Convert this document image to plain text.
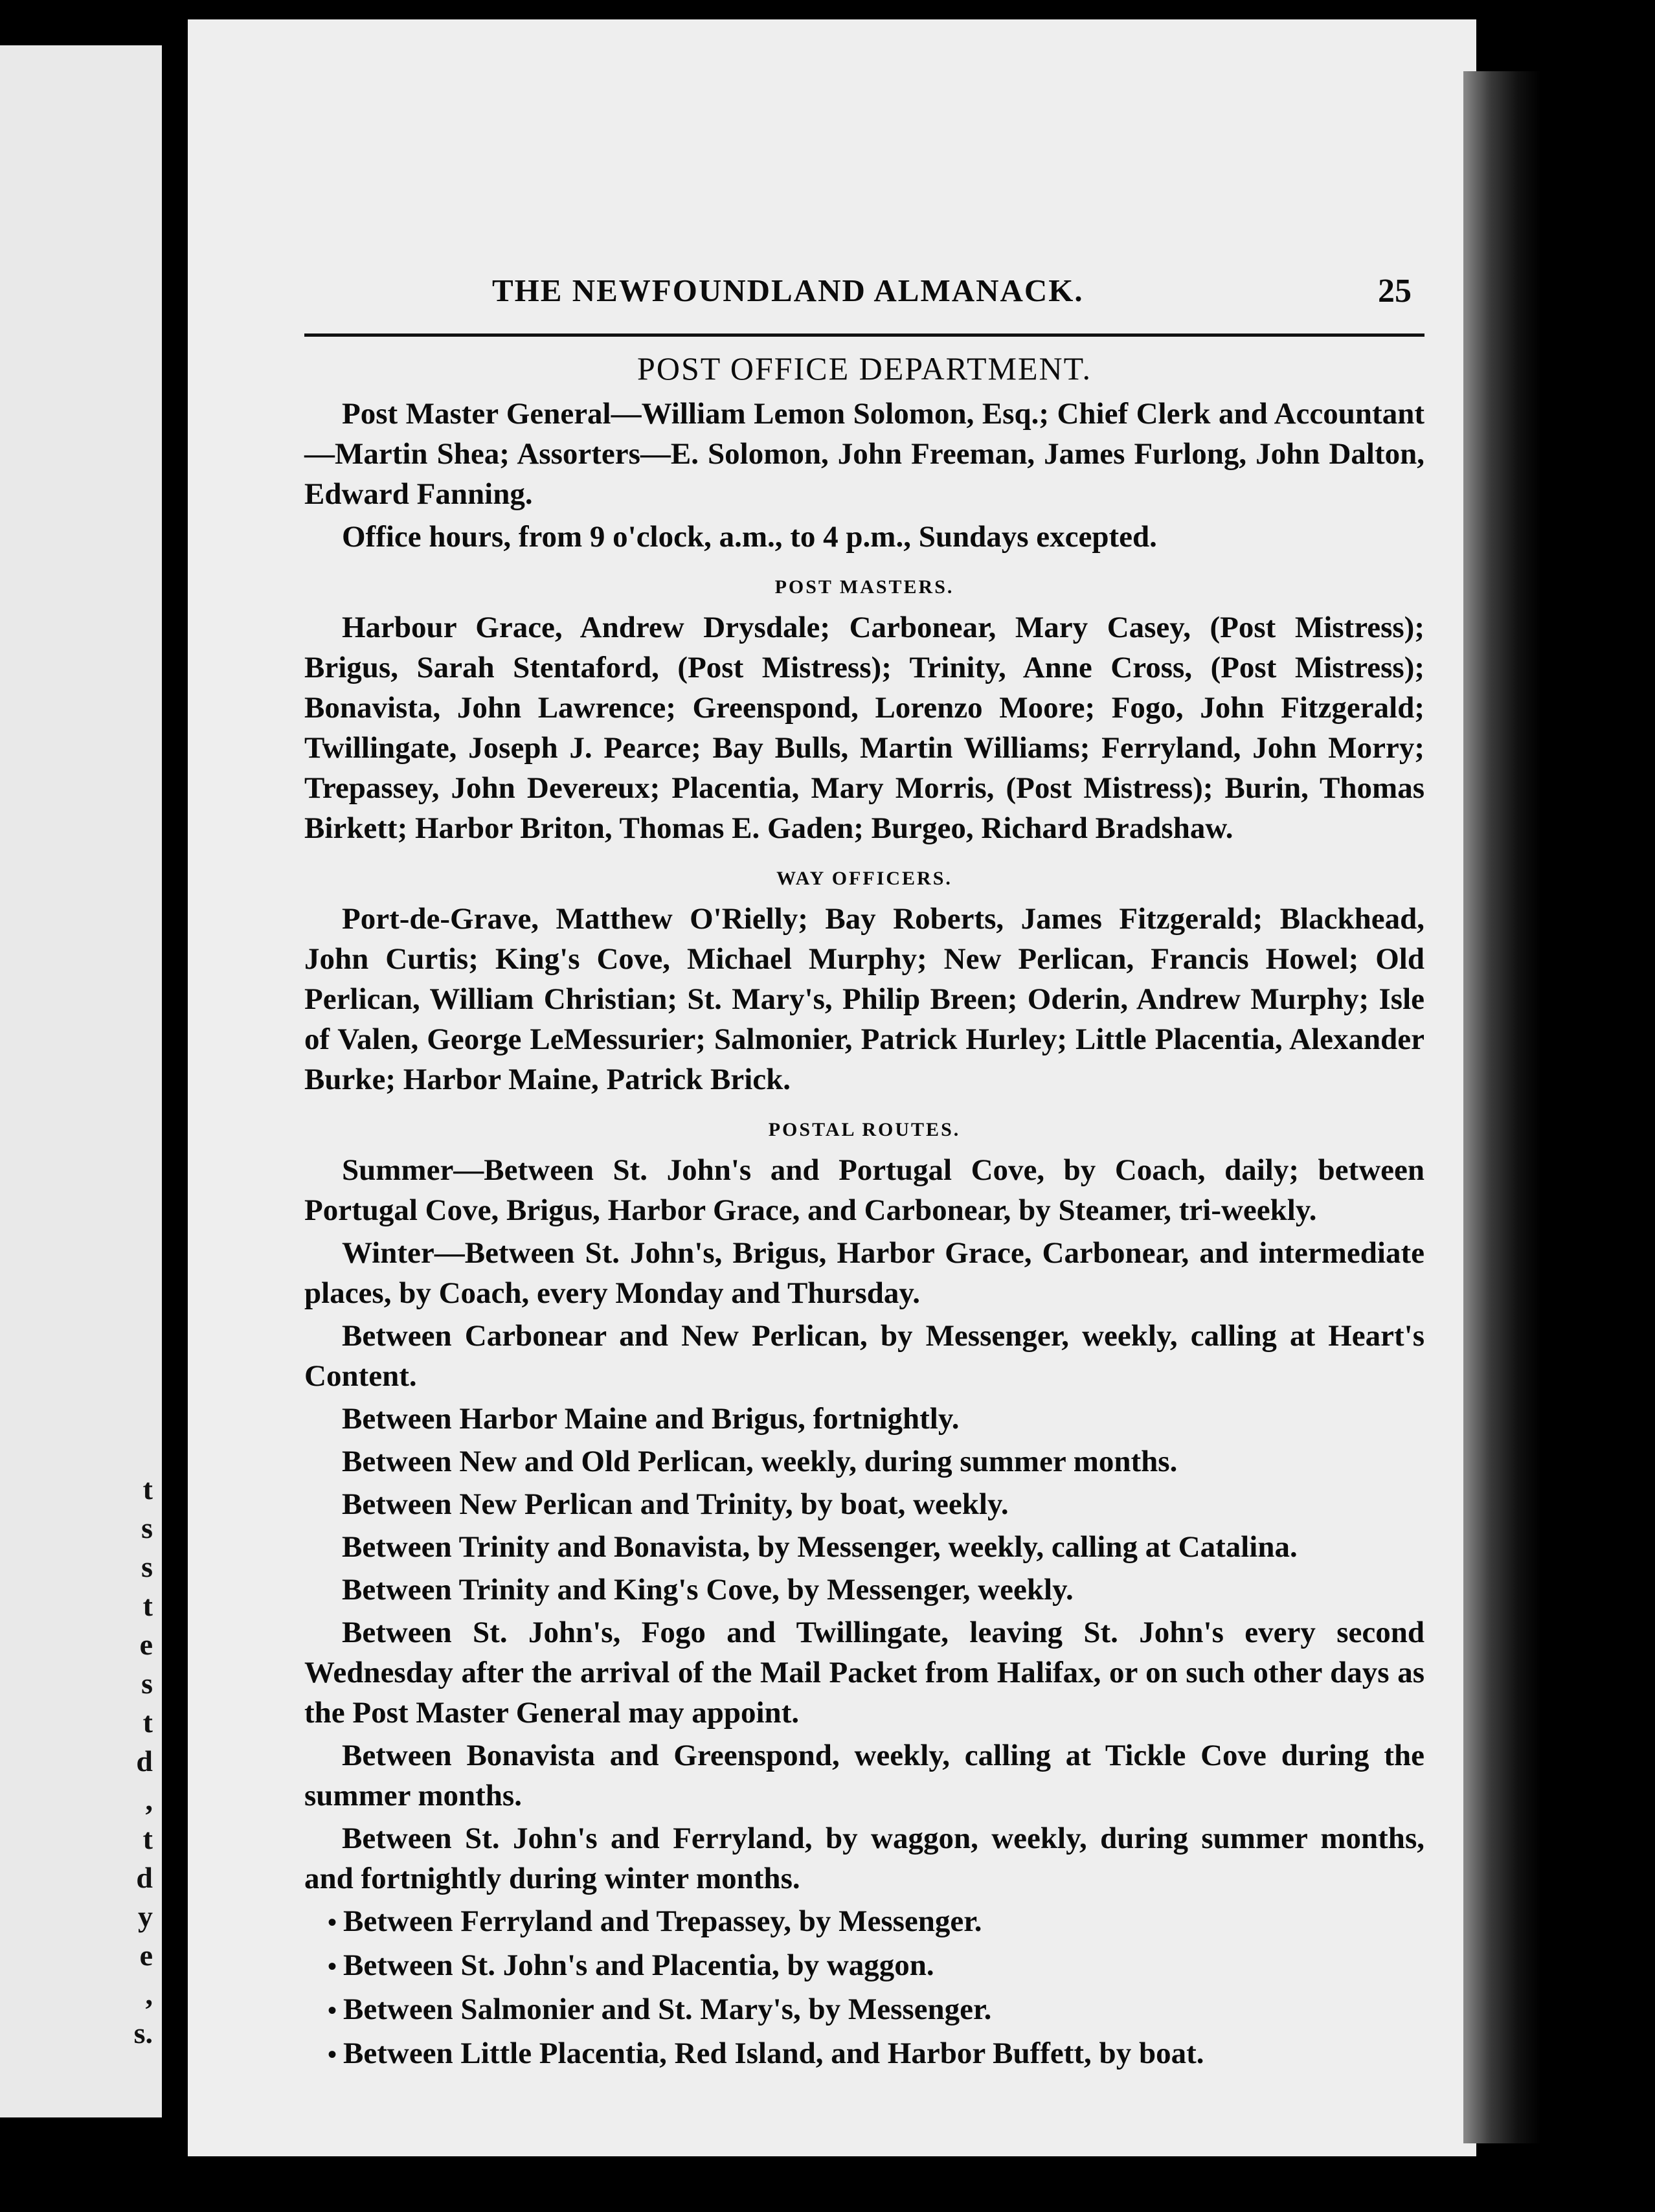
t
s
s
t
e
s
t
d
,
t
d
y
e
,
s.
THE NEWFOUNDLAND ALMANACK.	25
POST OFFICE DEPARTMENT.

Post Master General—William Lemon Solomon, Esq.; Chief Clerk and Accountant—Martin Shea; Assorters—E. Solomon, John Freeman, James Furlong, John Dalton, Edward Fanning.

Office hours, from 9 o'clock, a.m., to 4 p.m., Sundays excepted.

POST MASTERS.

Harbour Grace, Andrew Drysdale; Carbonear, Mary Casey, (Post Mistress); Brigus, Sarah Stentaford, (Post Mistress); Trinity, Anne Cross, (Post Mistress); Bonavista, John Lawrence; Greenspond, Lorenzo Moore; Fogo, John Fitzgerald; Twillingate, Joseph J. Pearce; Bay Bulls, Martin Williams; Ferryland, John Morry; Trepassey, John Devereux; Placentia, Mary Morris, (Post Mistress); Burin, Thomas Birkett; Harbor Briton, Thomas E. Gaden; Burgeo, Richard Bradshaw.

WAY OFFICERS.

Port-de-Grave, Matthew O'Rielly; Bay Roberts, James Fitzgerald; Blackhead, John Curtis; King's Cove, Michael Murphy; New Perlican, Francis Howel; Old Perlican, William Christian; St. Mary's, Philip Breen; Oderin, Andrew Murphy; Isle of Valen, George LeMessurier; Salmonier, Patrick Hurley; Little Placentia, Alexander Burke; Harbor Maine, Patrick Brick.

POSTAL ROUTES.

Summer—Between St. John's and Portugal Cove, by Coach, daily; between Portugal Cove, Brigus, Harbor Grace, and Carbonear, by Steamer, tri-weekly.

Winter—Between St. John's, Brigus, Harbor Grace, Carbonear, and intermediate places, by Coach, every Monday and Thursday.

Between Carbonear and New Perlican, by Messenger, weekly, calling at Heart's Content.

Between Harbor Maine and Brigus, fortnightly.

Between New and Old Perlican, weekly, during summer months.

Between New Perlican and Trinity, by boat, weekly.

Between Trinity and Bonavista, by Messenger, weekly, calling at Catalina.

Between Trinity and King's Cove, by Messenger, weekly.

Between St. John's, Fogo and Twillingate, leaving St. John's every second Wednesday after the arrival of the Mail Packet from Halifax, or on such other days as the Post Master General may appoint.

Between Bonavista and Greenspond, weekly, calling at Tickle Cove during the summer months.

Between St. John's and Ferryland, by waggon, weekly, during summer months, and fortnightly during winter months.

• Between Ferryland and Trepassey, by Messenger.

• Between St. John's and Placentia, by waggon.

• Between Salmonier and St. Mary's, by Messenger.

• Between Little Placentia, Red Island, and Harbor Buffett, by boat.
